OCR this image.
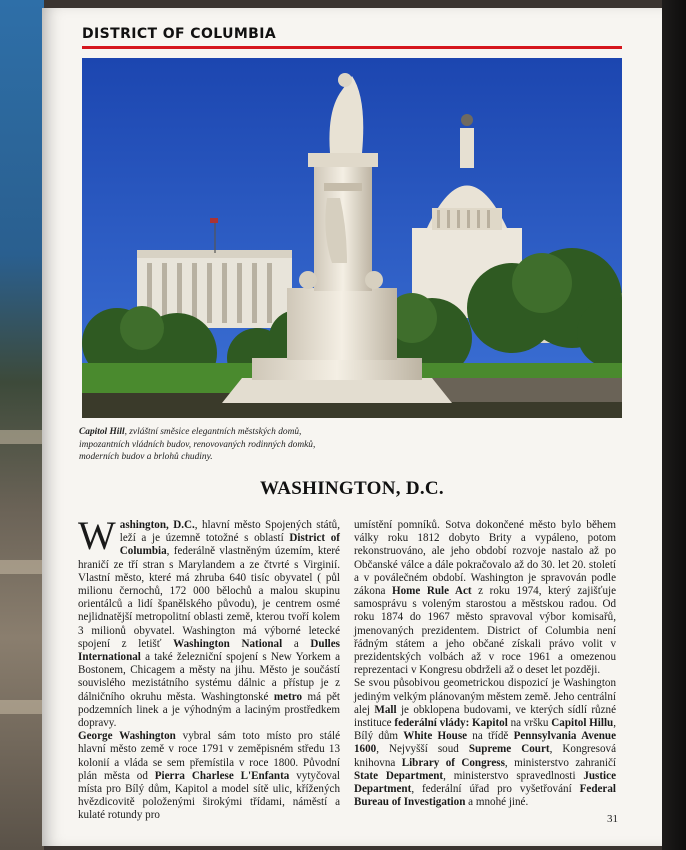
DISTRICT OF COLUMBIA
Capitol Hill, zvláštní směsice elegantních městských domů, impozantních vládních budov, renovovaných rodinných domků, moderních budov a brlohů chudiny.
WASHINGTON, D.C.

Washington, D.C., hlavní město Spojených států, leží a je územně totožné s oblastí District of Columbia, federálně vlastněným územím, které hraničí ze tří stran s Marylandem a ze čtvrté s Virginií. Vlastní město, které má zhruba 640 tisíc obyvatel ( půl milionu černochů, 172 000 bělochů a malou skupinu orientálců a lidí španělského původu), je centrem osmé nejlidnatější metropolitní oblasti země, kterou tvoří kolem 3 milionů obyvatel. Washington má výborné letecké spojení z letišť Washington National a Dulles International a také železniční spojení s New Yorkem a Bostonem, Chicagem a městy na jihu. Město je součástí souvislého mezistátního systému dálnic a přístup je z dálničního okruhu města. Washingtonské metro má pět podzemních linek a je výhodným a laciným prostředkem dopravy.

George Washington vybral sám toto místo pro stálé hlavní město země v roce 1791 v zeměpisném středu 13 kolonií a vláda se sem přemístila v roce 1800. Původní plán města od Pierra Charlese L'Enfanta vytyčoval místa pro Bílý dům, Kapitol a model sítě ulic, křížených hvězdicovitě položenými širokými třídami, náměstí a kulaté rotundy pro

umístění pomníků. Sotva dokončené město bylo během války roku 1812 dobyto Brity a vypáleno, potom rekonstruováno, ale jeho období rozvoje nastalo až po Občanské válce a dále pokračovalo až do 30. let 20. století a v poválečném období. Washington je spravován podle zákona Home Rule Act z roku 1974, který zajišťuje samosprávu s voleným starostou a městskou radou. Od roku 1874 do 1967 město spravoval výbor komisařů, jmenovaných prezidentem. District of Columbia není řádným státem a jeho občané získali právo volit v prezidentských volbách až v roce 1961 a omezenou reprezentaci v Kongresu obdrželi až o deset let později.

Se svou působivou geometrickou dispozicí je Washington jediným velkým plánovaným městem země. Jeho centrální alej Mall je obklopena budovami, ve kterých sídlí různé instituce federální vlády: Kapitol na vršku Capitol Hillu, Bílý dům White House na třídě Pennsylvania Avenue 1600, Nejvyšší soud Supreme Court, Kongresová knihovna Library of Congress, ministerstvo zahraničí State Department, ministerstvo spravedlnosti Justice Department, federální úřad pro vyšetřování Federal Bureau of Investigation a mnohé jiné.

31
